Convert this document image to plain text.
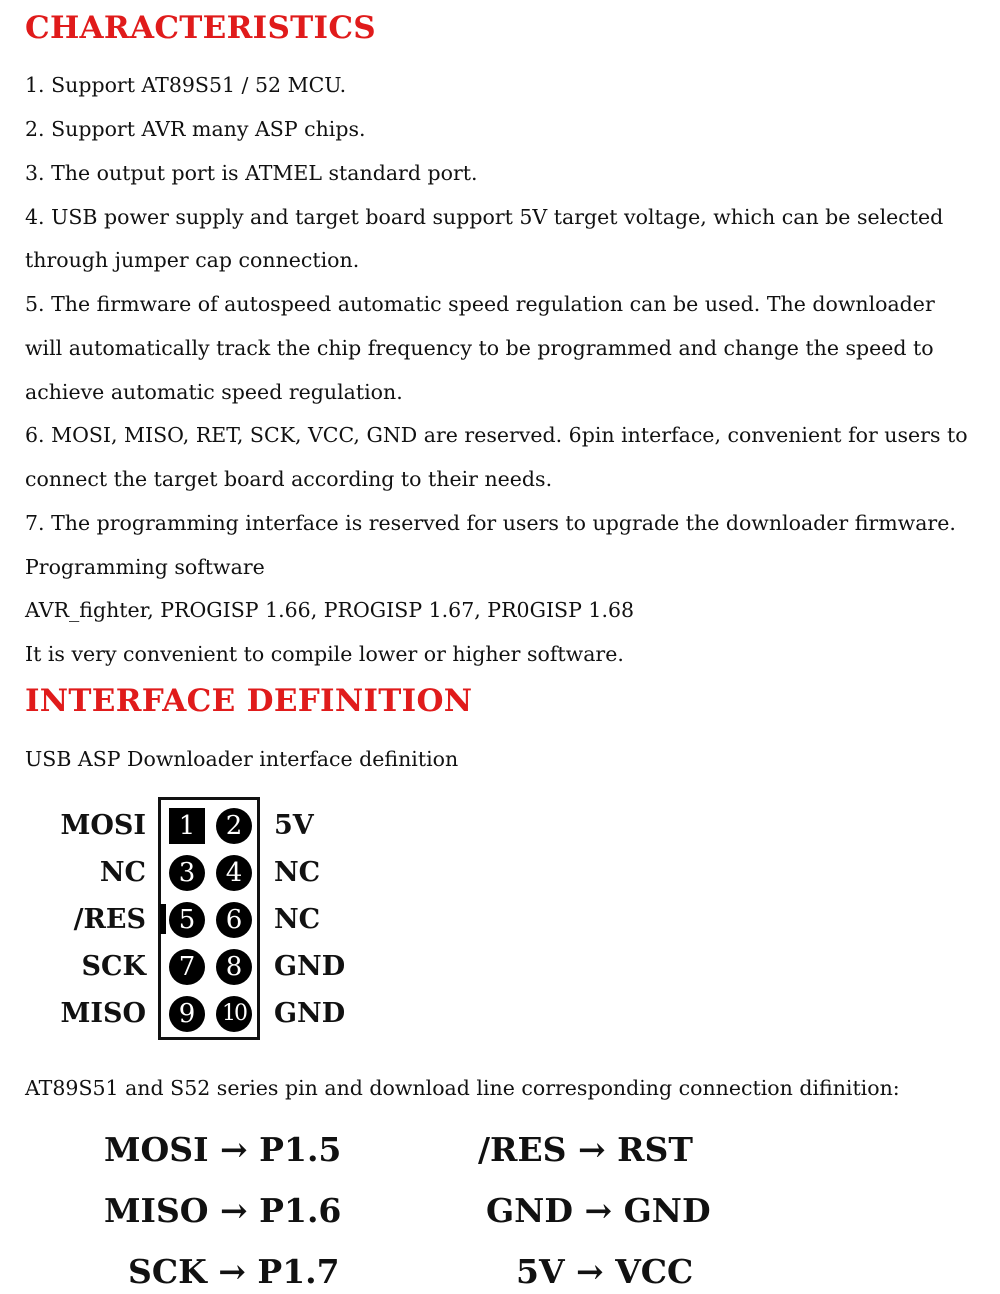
CHARACTERISTICS
1. Support AT89S51 / 52 MCU.
2. Support AVR many ASP chips.
3. The output port is ATMEL standard port.
4. USB power supply and target board support 5V target voltage, which can be selected
through jumper cap connection.
5. The firmware of autospeed automatic speed regulation can be used. The downloader
will automatically track the chip frequency to be programmed and change the speed to
achieve automatic speed regulation.
6. MOSI, MISO, RET, SCK, VCC, GND are reserved. 6pin interface, convenient for users to
connect the target board according to their needs.
7. The programming interface is reserved for users to upgrade the downloader firmware.
Programming software
AVR_fighter, PROGISP 1.66, PROGISP 1.67, PR0GISP 1.68
It is very convenient to compile lower or higher software.
INTERFACE DEFINITION
USB ASP Downloader interface definition
MOSI	1	2	5V
NC	3	4	NC
/RES	5	6	NC
SCK	7	8	GND
MISO	9	10 GND
AT89S51 and S52 series pin and download line corresponding connection difinition:
MOSI → P1.5	/RES → RST
MISO → P1.6	GND → GND
SCK → P1.7	5V → VCC
